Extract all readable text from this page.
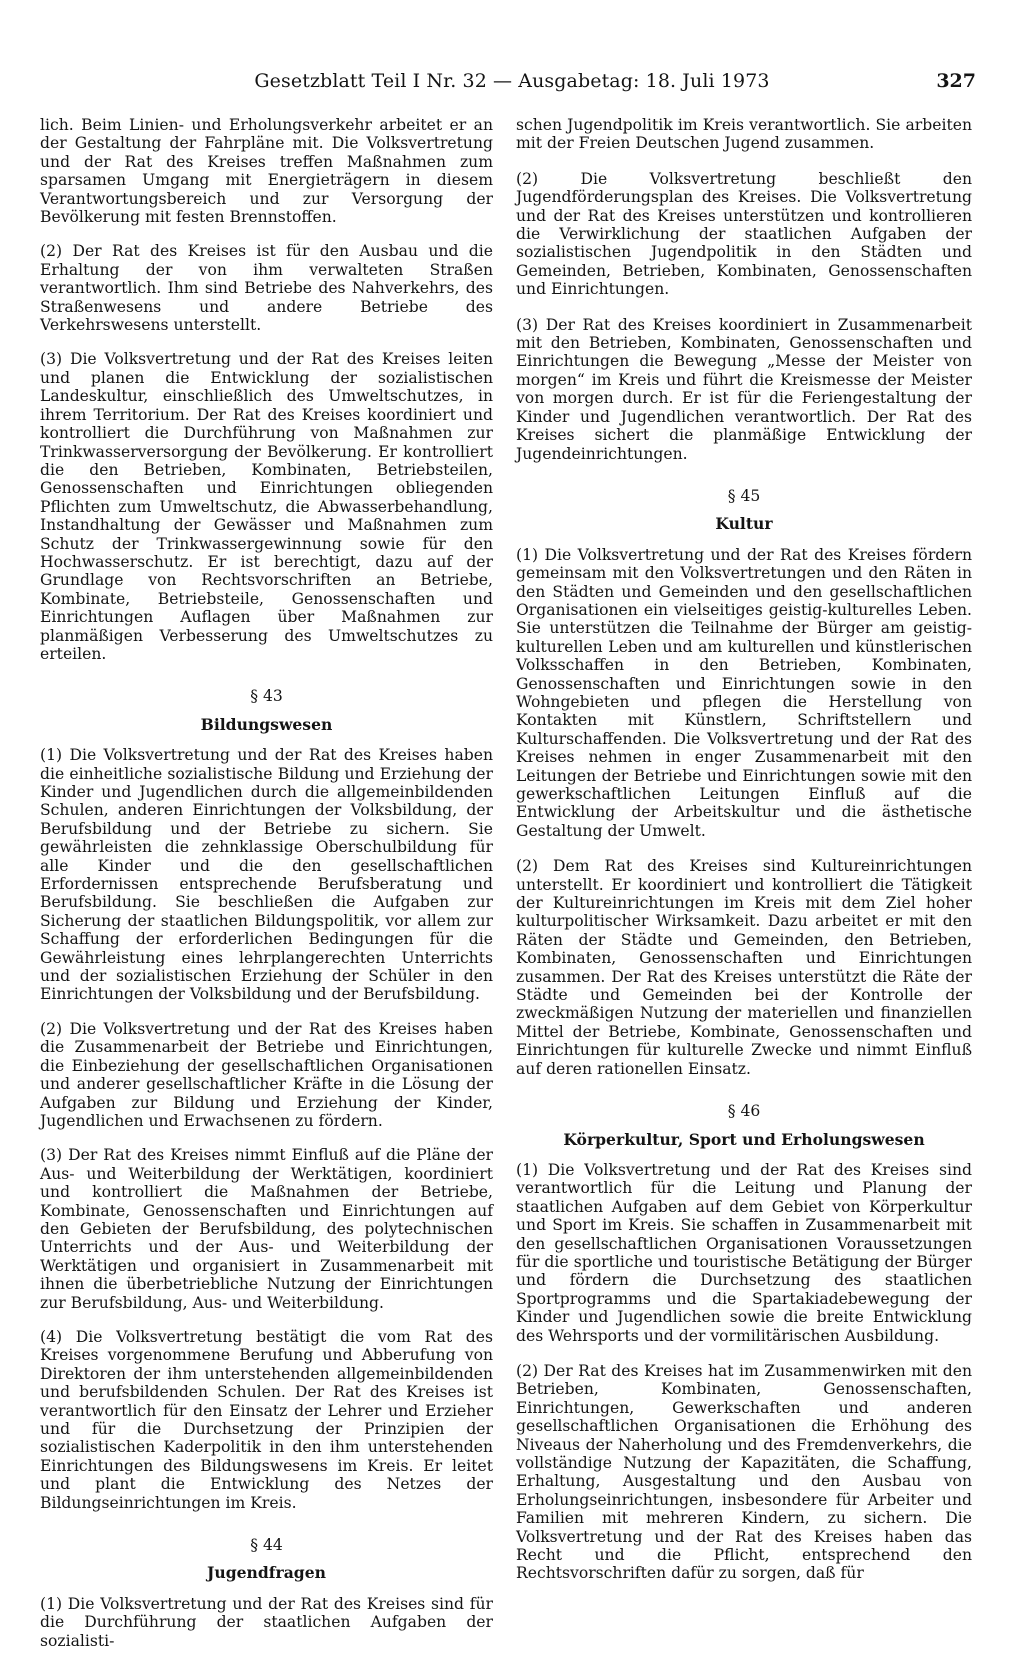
Gesetzblatt Teil I Nr. 32 — Ausgabetag: 18. Juli 1973	327

lich. Beim Linien- und Erholungsverkehr arbeitet er an der Gestaltung der Fahrpläne mit. Die Volksvertretung und der Rat des Kreises treffen Maßnahmen zum sparsamen Umgang mit Energieträgern in diesem Verantwortungsbereich und zur Versorgung der Bevölkerung mit festen Brennstoffen.

(2) Der Rat des Kreises ist für den Ausbau und die Erhaltung der von ihm verwalteten Straßen verantwortlich. Ihm sind Betriebe des Nahverkehrs, des Straßenwesens und andere Betriebe des Verkehrswesens unterstellt.

(3) Die Volksvertretung und der Rat des Kreises leiten und planen die Entwicklung der sozialistischen Landeskultur, einschließlich des Umweltschutzes, in ihrem Territorium. Der Rat des Kreises koordiniert und kontrolliert die Durchführung von Maßnahmen zur Trinkwasserversorgung der Bevölkerung. Er kontrolliert die den Betrieben, Kombinaten, Betriebsteilen, Genossenschaften und Einrichtungen obliegenden Pflichten zum Umweltschutz, die Abwasserbehandlung, Instandhaltung der Gewässer und Maßnahmen zum Schutz der Trinkwassergewinnung sowie für den Hochwasserschutz. Er ist berechtigt, dazu auf der Grundlage von Rechtsvorschriften an Betriebe, Kombinate, Betriebsteile, Genossenschaften und Einrichtungen Auflagen über Maßnahmen zur planmäßigen Verbesserung des Umweltschutzes zu erteilen.

§ 43
Bildungswesen

(1) Die Volksvertretung und der Rat des Kreises haben die einheitliche sozialistische Bildung und Erziehung der Kinder und Jugendlichen durch die allgemeinbildenden Schulen, anderen Einrichtungen der Volksbildung, der Berufsbildung und der Betriebe zu sichern. Sie gewährleisten die zehnklassige Oberschulbildung für alle Kinder und die den gesellschaftlichen Erfordernissen entsprechende Berufsberatung und Berufsbildung. Sie beschließen die Aufgaben zur Sicherung der staatlichen Bildungspolitik, vor allem zur Schaffung der erforderlichen Bedingungen für die Gewährleistung eines lehrplangerechten Unterrichts und der sozialistischen Erziehung der Schüler in den Einrichtungen der Volksbildung und der Berufsbildung.

(2) Die Volksvertretung und der Rat des Kreises haben die Zusammenarbeit der Betriebe und Einrichtungen, die Einbeziehung der gesellschaftlichen Organisationen und anderer gesellschaftlicher Kräfte in die Lösung der Aufgaben zur Bildung und Erziehung der Kinder, Jugendlichen und Erwachsenen zu fördern.

(3) Der Rat des Kreises nimmt Einfluß auf die Pläne der Aus- und Weiterbildung der Werktätigen, koordiniert und kontrolliert die Maßnahmen der Betriebe, Kombinate, Genossenschaften und Einrichtungen auf den Gebieten der Berufsbildung, des polytechnischen Unterrichts und der Aus- und Weiterbildung der Werktätigen und organisiert in Zusammenarbeit mit ihnen die überbetriebliche Nutzung der Einrichtungen zur Berufsbildung, Aus- und Weiterbildung.

(4) Die Volksvertretung bestätigt die vom Rat des Kreises vorgenommene Berufung und Abberufung von Direktoren der ihm unterstehenden allgemeinbildenden und berufsbildenden Schulen. Der Rat des Kreises ist verantwortlich für den Einsatz der Lehrer und Erzieher und für die Durchsetzung der Prinzipien der sozialistischen Kaderpolitik in den ihm unterstehenden Einrichtungen des Bildungswesens im Kreis. Er leitet und plant die Entwicklung des Netzes der Bildungseinrichtungen im Kreis.

§ 44
Jugendfragen

(1) Die Volksvertretung und der Rat des Kreises sind für die Durchführung der staatlichen Aufgaben der sozialisti-

schen Jugendpolitik im Kreis verantwortlich. Sie arbeiten mit der Freien Deutschen Jugend zusammen.

(2) Die Volksvertretung beschließt den Jugendförderungsplan des Kreises. Die Volksvertretung und der Rat des Kreises unterstützen und kontrollieren die Verwirklichung der staatlichen Aufgaben der sozialistischen Jugendpolitik in den Städten und Gemeinden, Betrieben, Kombinaten, Genossenschaften und Einrichtungen.

(3) Der Rat des Kreises koordiniert in Zusammenarbeit mit den Betrieben, Kombinaten, Genossenschaften und Einrichtungen die Bewegung „Messe der Meister von morgen“ im Kreis und führt die Kreismesse der Meister von morgen durch. Er ist für die Feriengestaltung der Kinder und Jugendlichen verantwortlich. Der Rat des Kreises sichert die planmäßige Entwicklung der Jugendeinrichtungen.

§ 45
Kultur

(1) Die Volksvertretung und der Rat des Kreises fördern gemeinsam mit den Volksvertretungen und den Räten in den Städten und Gemeinden und den gesellschaftlichen Organisationen ein vielseitiges geistig-kulturelles Leben. Sie unterstützen die Teilnahme der Bürger am geistig-kulturellen Leben und am kulturellen und künstlerischen Volksschaffen in den Betrieben, Kombinaten, Genossenschaften und Einrichtungen sowie in den Wohngebieten und pflegen die Herstellung von Kontakten mit Künstlern, Schriftstellern und Kulturschaffenden. Die Volksvertretung und der Rat des Kreises nehmen in enger Zusammenarbeit mit den Leitungen der Betriebe und Einrichtungen sowie mit den gewerkschaftlichen Leitungen Einfluß auf die Entwicklung der Arbeitskultur und die ästhetische Gestaltung der Umwelt.

(2) Dem Rat des Kreises sind Kultureinrichtungen unterstellt. Er koordiniert und kontrolliert die Tätigkeit der Kultureinrichtungen im Kreis mit dem Ziel hoher kulturpolitischer Wirksamkeit. Dazu arbeitet er mit den Räten der Städte und Gemeinden, den Betrieben, Kombinaten, Genossenschaften und Einrichtungen zusammen. Der Rat des Kreises unterstützt die Räte der Städte und Gemeinden bei der Kontrolle der zweckmäßigen Nutzung der materiellen und finanziellen Mittel der Betriebe, Kombinate, Genossenschaften und Einrichtungen für kulturelle Zwecke und nimmt Einfluß auf deren rationellen Einsatz.

§ 46
Körperkultur, Sport und Erholungswesen

(1) Die Volksvertretung und der Rat des Kreises sind verantwortlich für die Leitung und Planung der staatlichen Aufgaben auf dem Gebiet von Körperkultur und Sport im Kreis. Sie schaffen in Zusammenarbeit mit den gesellschaftlichen Organisationen Voraussetzungen für die sportliche und touristische Betätigung der Bürger und fördern die Durchsetzung des staatlichen Sportprogramms und die Spartakiadebewegung der Kinder und Jugendlichen sowie die breite Entwicklung des Wehrsports und der vormilitärischen Ausbildung.

(2) Der Rat des Kreises hat im Zusammenwirken mit den Betrieben, Kombinaten, Genossenschaften, Einrichtungen, Gewerkschaften und anderen gesellschaftlichen Organisationen die Erhöhung des Niveaus der Naherholung und des Fremdenverkehrs, die vollständige Nutzung der Kapazitäten, die Schaffung, Erhaltung, Ausgestaltung und den Ausbau von Erholungseinrichtungen, insbesondere für Arbeiter und Familien mit mehreren Kindern, zu sichern. Die Volksvertretung und der Rat des Kreises haben das Recht und die Pflicht, entsprechend den Rechtsvorschriften dafür zu sorgen, daß für
